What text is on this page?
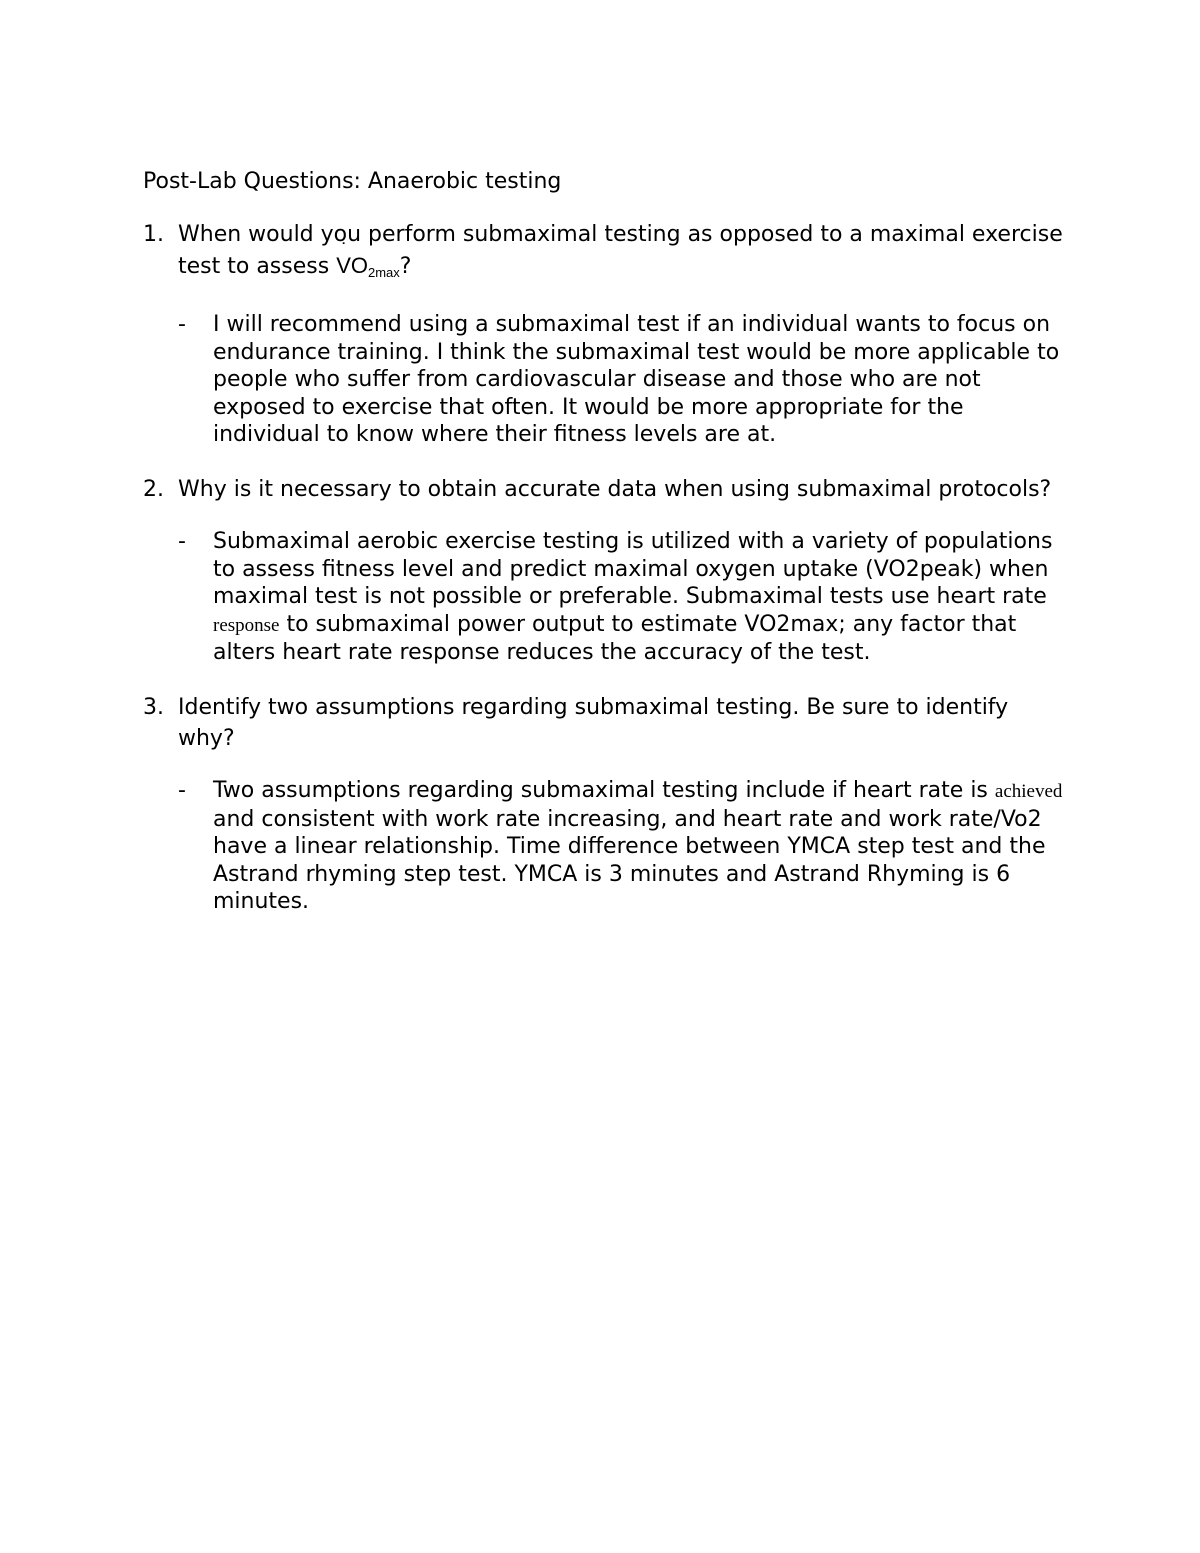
Post-Lab Questions: Anaerobic testing
1. When would you perform submaximal testing as opposed to a maximal exercise test to assess ˙ VO2max?
-	I will recommend using a submaximal test if an individual wants to focus on endurance training. I think the submaximal test would be more applicable to people who suffer from cardiovascular disease and those who are not exposed to exercise that often. It would be more appropriate for the individual to know where their fitness levels are at.
2. Why is it necessary to obtain accurate data when using submaximal protocols?
-	Submaximal aerobic exercise testing is utilized with a variety of populations to assess fitness level and predict maximal oxygen uptake (VO2peak) when maximal test is not possible or preferable. Submaximal tests use heart rate response to submaximal power output to estimate VO2max; any factor that alters heart rate response reduces the accuracy of the test.
3. Identify two assumptions regarding submaximal testing. Be sure to identify why?
-	Two assumptions regarding submaximal testing include if heart rate is achieved and consistent with work rate increasing, and heart rate and work rate/Vo2 have a linear relationship. Time difference between YMCA step test and the Astrand rhyming step test. YMCA is 3 minutes and Astrand Rhyming is 6 minutes.
